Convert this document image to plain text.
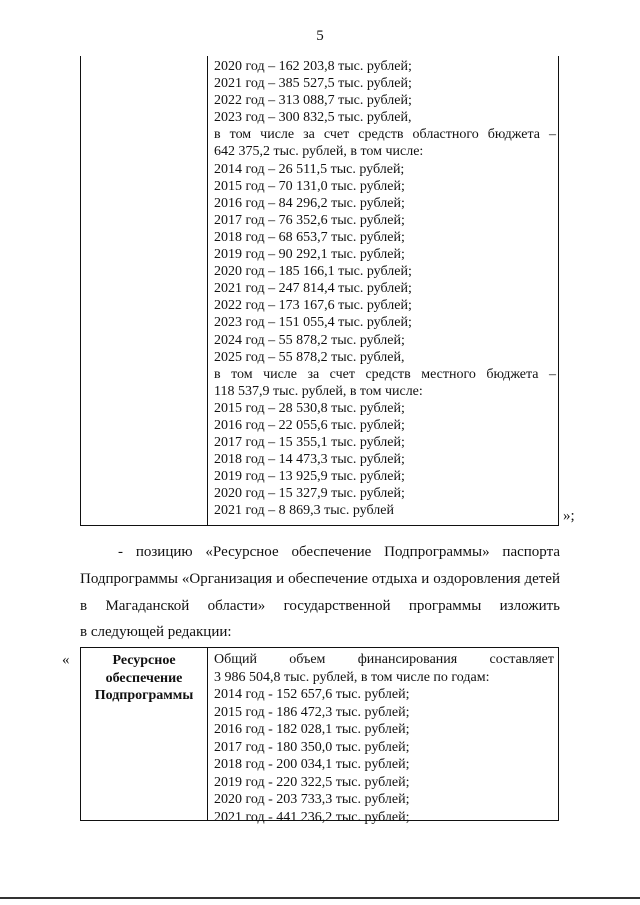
5
2020 год – 162 203,8 тыс. рублей;
2021 год – 385 527,5 тыс. рублей;
2022 год – 313 088,7 тыс. рублей;
2023 год – 300 832,5 тыс. рублей,
в том числе за счет средств областного бюджета –
642 375,2 тыс. рублей, в том числе:
2014 год – 26 511,5 тыс. рублей;
2015 год – 70 131,0 тыс. рублей;
2016 год – 84 296,2 тыс. рублей;
2017 год – 76 352,6 тыс. рублей;
2018 год – 68 653,7 тыс. рублей;
2019 год – 90 292,1 тыс. рублей;
2020 год – 185 166,1 тыс. рублей;
2021 год – 247 814,4 тыс. рублей;
2022 год – 173 167,6 тыс. рублей;
2023 год – 151 055,4 тыс. рублей;
2024 год – 55 878,2 тыс. рублей;
2025 год – 55 878,2 тыс. рублей,
в том числе за счет средств местного бюджета –
118 537,9 тыс. рублей, в том числе:
2015 год – 28 530,8 тыс. рублей;
2016 год – 22 055,6 тыс. рублей;
2017 год – 15 355,1 тыс. рублей;
2018 год – 14 473,3 тыс. рублей;
2019 год – 13 925,9 тыс. рублей;
2020 год – 15 327,9 тыс. рублей;
2021 год – 8 869,3 тыс. рублей	»;
- позицию «Ресурсное обеспечение Подпрограммы» паспорта
Подпрограммы «Организация и обеспечение отдыха и оздоровления детей
в Магаданской области» государственной программы изложить
в следующей редакции:
«	Ресурсное
обеспечение
Подпрограммы
Общий объем финансирования составляет
3 986 504,8 тыс. рублей, в том числе по годам:
2014 год - 152 657,6 тыс. рублей;
2015 год - 186 472,3 тыс. рублей;
2016 год - 182 028,1 тыс. рублей;
2017 год - 180 350,0 тыс. рублей;
2018 год - 200 034,1 тыс. рублей;
2019 год - 220 322,5 тыс. рублей;
2020 год - 203 733,3 тыс. рублей;
2021 год - 441 236,2 тыс. рублей;
